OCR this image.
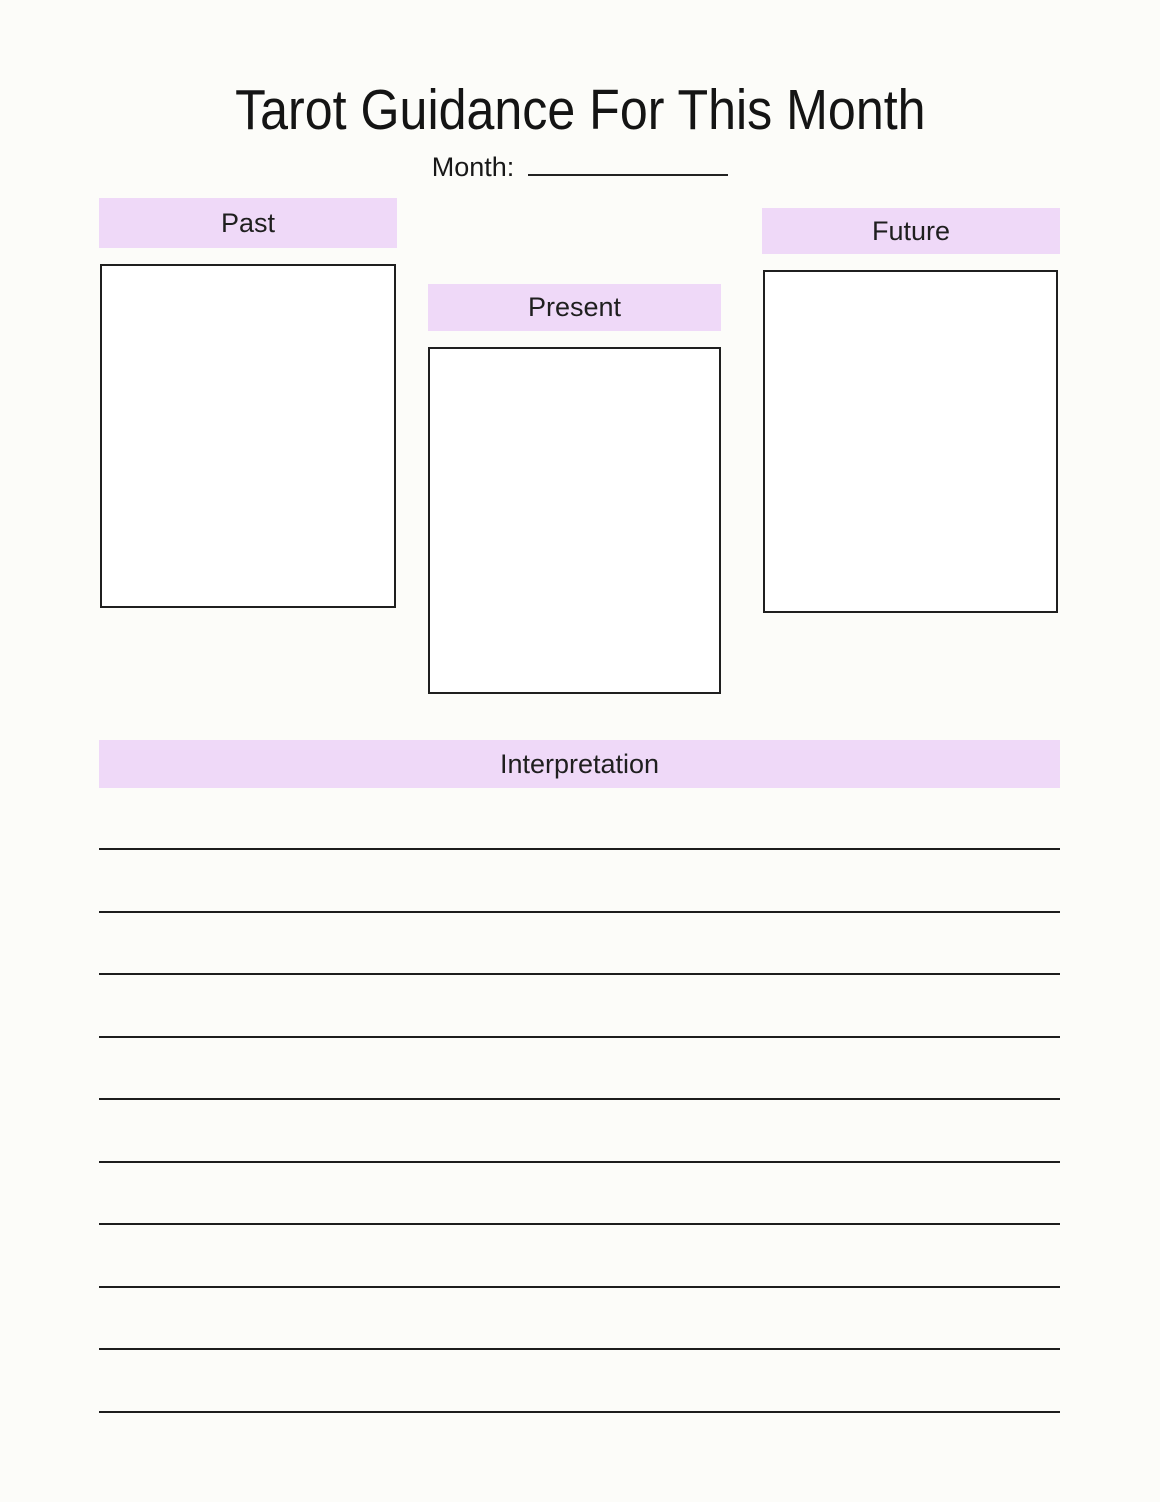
Tarot Guidance For This Month
Month:
Past
Present
Future
Interpretation
